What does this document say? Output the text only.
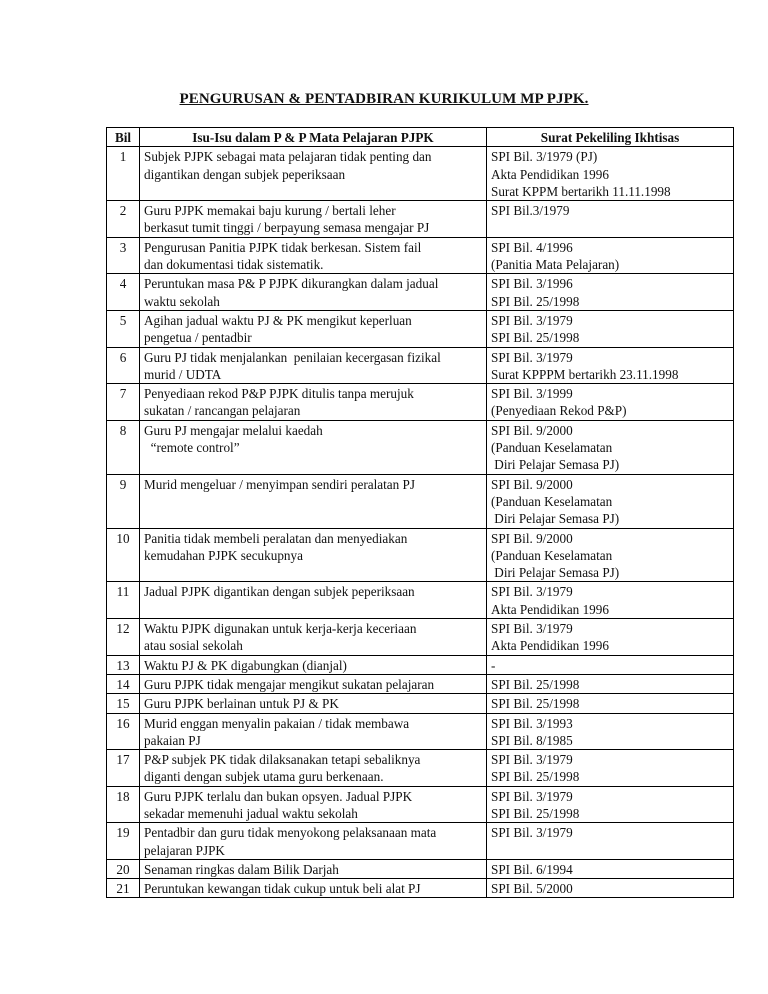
PENGURUSAN & PENTADBIRAN KURIKULUM MP PJPK.
Bil	Isu-Isu dalam P & P Mata Pelajaran PJPK	Surat Pekeliling Ikhtisas
1	Subjek PJPK sebagai mata pelajaran tidak penting dan
digantikan dengan subjek peperiksaan	SPI Bil. 3/1979 (PJ)
Akta Pendidikan 1996
Surat KPPM bertarikh 11.11.1998

2	Guru PJPK memakai baju kurung / bertali leher
berkasut tumit tinggi / berpayung semasa mengajar PJ	SPI Bil.3/1979

3	Pengurusan Panitia PJPK tidak berkesan. Sistem fail
dan dokumentasi tidak sistematik.	SPI Bil. 4/1996
(Panitia Mata Pelajaran)

4	Peruntukan masa P& P PJPK dikurangkan dalam jadual
waktu sekolah	SPI Bil. 3/1996
SPI Bil. 25/1998

5	Agihan jadual waktu PJ & PK mengikut keperluan
pengetua / pentadbir	SPI Bil. 3/1979
SPI Bil. 25/1998

6	Guru PJ tidak menjalankan  penilaian kecergasan fizikal
murid / UDTA	SPI Bil. 3/1979
Surat KPPPM bertarikh 23.11.1998

7	Penyediaan rekod P&P PJPK ditulis tanpa merujuk
sukatan / rancangan pelajaran	SPI Bil. 3/1999
(Penyediaan Rekod P&P)

8	Guru PJ mengajar melalui kaedah
“remote control”	SPI Bil. 9/2000
(Panduan Keselamatan
Diri Pelajar Semasa PJ)

9	Murid mengeluar / menyimpan sendiri peralatan PJ	SPI Bil. 9/2000
(Panduan Keselamatan
Diri Pelajar Semasa PJ)

10	Panitia tidak membeli peralatan dan menyediakan
kemudahan PJPK secukupnya	SPI Bil. 9/2000
(Panduan Keselamatan
Diri Pelajar Semasa PJ)

11	Jadual PJPK digantikan dengan subjek peperiksaan	SPI Bil. 3/1979
Akta Pendidikan 1996

12	Waktu PJPK digunakan untuk kerja-kerja keceriaan
atau sosial sekolah	SPI Bil. 3/1979
Akta Pendidikan 1996

13	Waktu PJ & PK digabungkan (dianjal)	-

14	Guru PJPK tidak mengajar mengikut sukatan pelajaran	SPI Bil. 25/1998

15	Guru PJPK berlainan untuk PJ & PK	SPI Bil. 25/1998

16	Murid enggan menyalin pakaian / tidak membawa
pakaian PJ	SPI Bil. 3/1993
SPI Bil. 8/1985

17	P&P subjek PK tidak dilaksanakan tetapi sebaliknya
diganti dengan subjek utama guru berkenaan.	SPI Bil. 3/1979
SPI Bil. 25/1998

18	Guru PJPK terlalu dan bukan opsyen. Jadual PJPK
sekadar memenuhi jadual waktu sekolah	SPI Bil. 3/1979
SPI Bil. 25/1998

19	Pentadbir dan guru tidak menyokong pelaksanaan mata
pelajaran PJPK	SPI Bil. 3/1979

20	Senaman ringkas dalam Bilik Darjah	SPI Bil. 6/1994

21	Peruntukan kewangan tidak cukup untuk beli alat PJ	SPI Bil. 5/2000
